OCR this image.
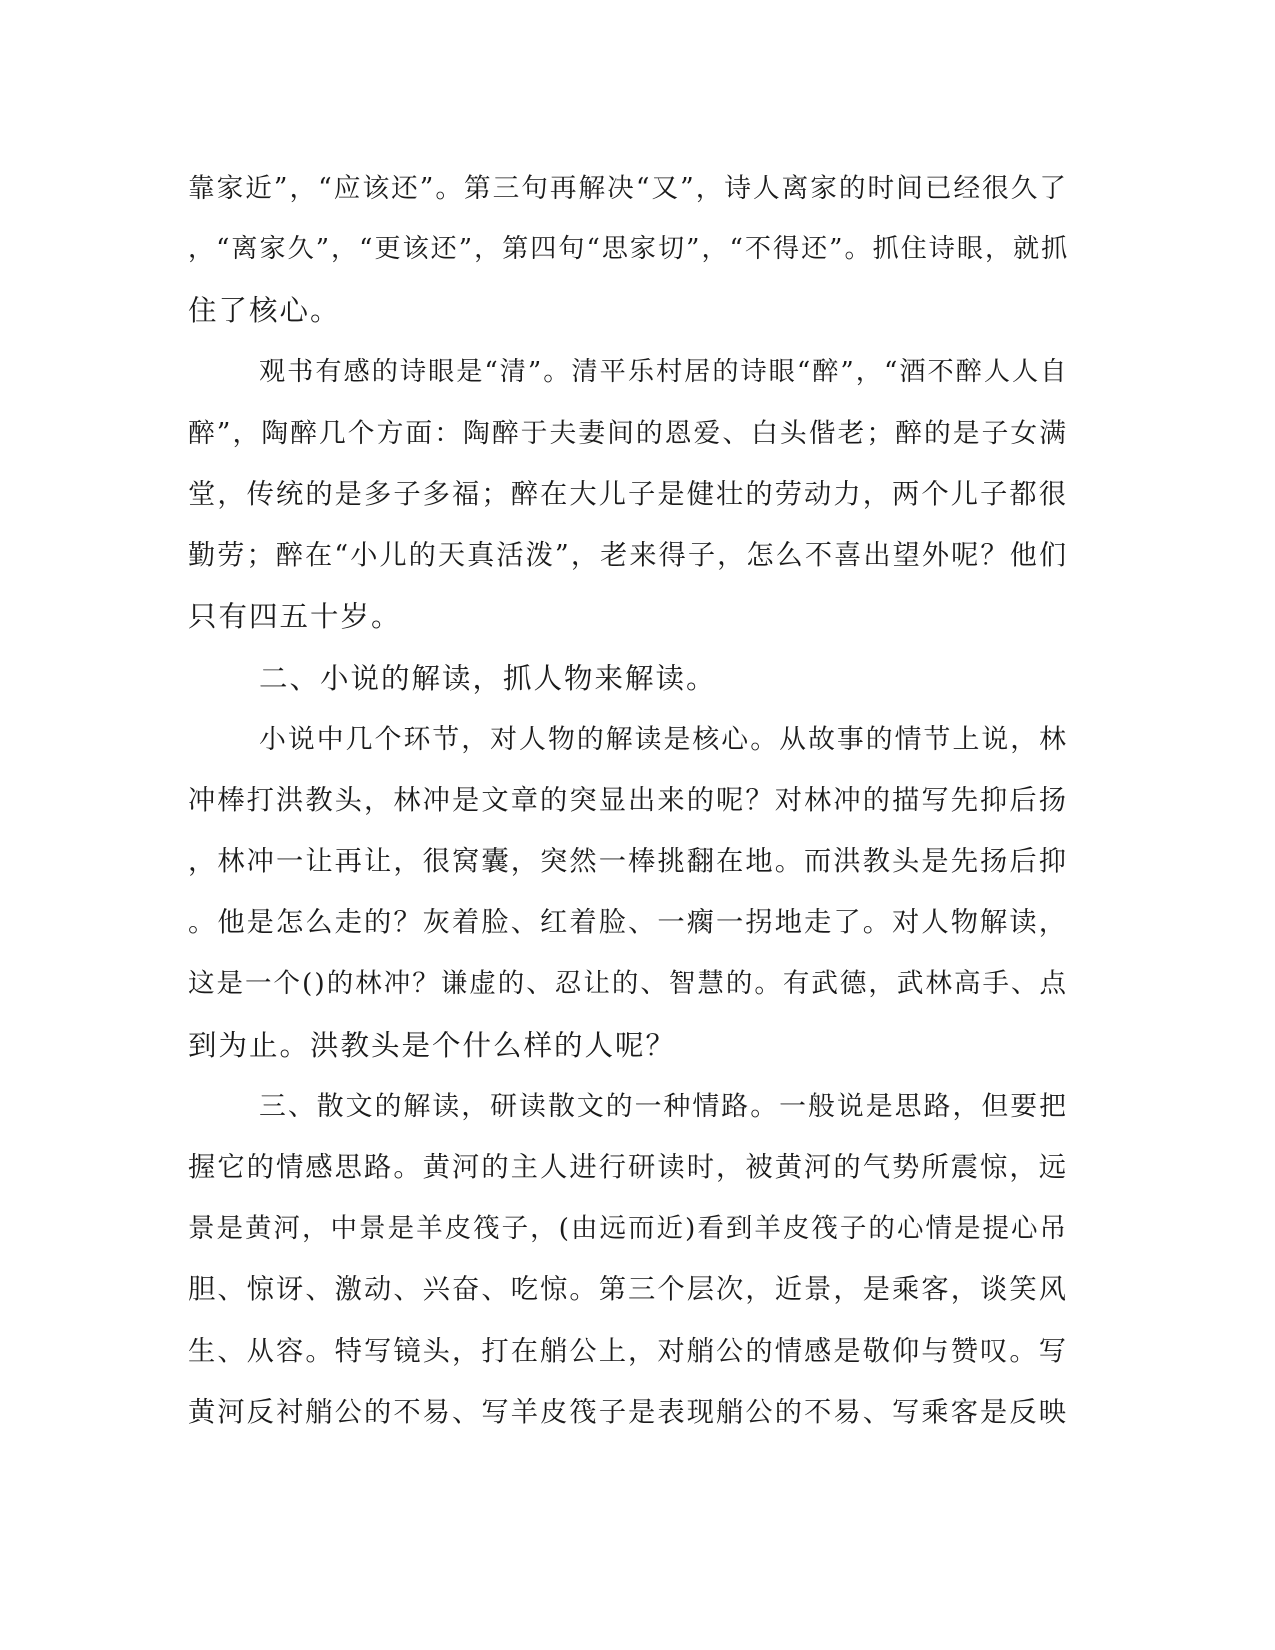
靠家近”，“应该还”。第三句再解决“又”，诗人离家的时间已经很久了
，“离家久”，“更该还”，第四句“思家切”，“不得还”。抓住诗眼，就抓
住了核心。
观书有感的诗眼是“清”。清平乐村居的诗眼“醉”，“酒不醉人人自
醉”，陶醉几个方面：陶醉于夫妻间的恩爱、白头偕老；醉的是子女满
堂，传统的是多子多福；醉在大儿子是健壮的劳动力，两个儿子都很
勤劳；醉在“小儿的天真活泼”，老来得子，怎么不喜出望外呢？他们
只有四五十岁。
二、小说的解读，抓人物来解读。
小说中几个环节，对人物的解读是核心。从故事的情节上说，林
冲棒打洪教头，林冲是文章的突显出来的呢？对林冲的描写先抑后扬
，林冲一让再让，很窝囊，突然一棒挑翻在地。而洪教头是先扬后抑
。他是怎么走的？灰着脸、红着脸、一瘸一拐地走了。对人物解读，
这是一个()的林冲？谦虚的、忍让的、智慧的。有武德，武林高手、点
到为止。洪教头是个什么样的人呢？
三、散文的解读，研读散文的一种情路。一般说是思路，但要把
握它的情感思路。黄河的主人进行研读时，被黄河的气势所震惊，远
景是黄河，中景是羊皮筏子，(由远而近)看到羊皮筏子的心情是提心吊
胆、惊讶、激动、兴奋、吃惊。第三个层次，近景，是乘客，谈笑风
生、从容。特写镜头，打在艄公上，对艄公的情感是敬仰与赞叹。写
黄河反衬艄公的不易、写羊皮筏子是表现艄公的不易、写乘客是反映
